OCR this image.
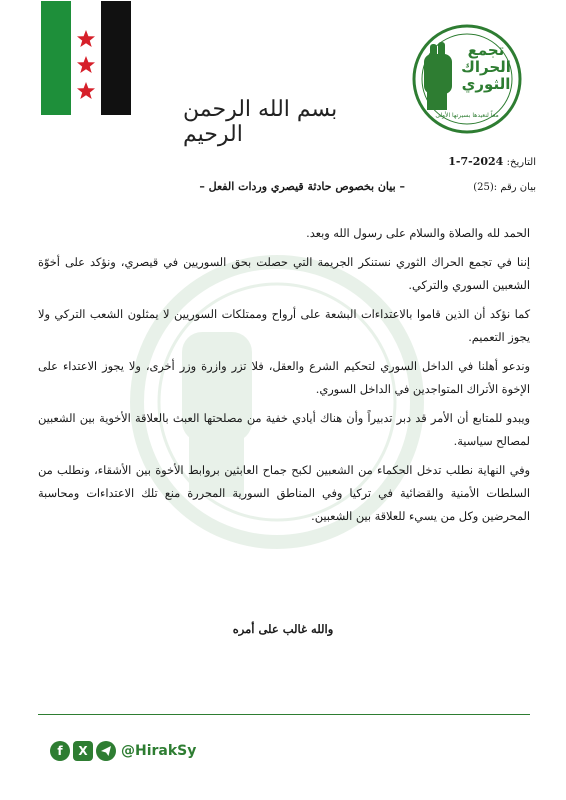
تجمع
الحراك
الثوري
معاً لنعيدها بسيرتها الأولى
بسم الله الرحمن الرحيم
التاريخ: 1-7-2024
بيان رقم :(25)
– بيان بخصوص حادثة قيصري وردات الفعل –

الحمد لله والصلاة والسلام على رسول الله وبعد.

إننا في تجمع الحراك الثوري نستنكر الجريمة التي حصلت بحق السوريين في قيصري، ونؤكد على أخوّة الشعبين السوري والتركي.

كما نؤكد أن الذين قاموا بالاعتداءات البشعة على أرواح وممتلكات السوريين لا يمثلون الشعب التركي ولا يجوز التعميم.

وندعو أهلنا في الداخل السوري لتحكيم الشرع والعقل، فلا تزر وازرة وزر أخرى، ولا يجوز الاعتداء على الإخوة الأتراك المتواجدين في الداخل السوري.

ويبدو للمتابع أن الأمر قد دبر تدبيراً وأن هناك أيادي خفية من مصلحتها العبث بالعلاقة الأخوية بين الشعبين لمصالح سياسية.

وفي النهاية نطلب تدخل الحكماء من الشعبين لكبح جماح العابثين بروابط الأخوة بين الأشقاء، ونطلب من السلطات الأمنية والقضائية في تركيا وفي المناطق السورية المحررة منع تلك الاعتداءات ومحاسبة المحرضين وكل من يسيء للعلاقة بين الشعبين.

والله غالب على أمره
f	X	@HirakSy
